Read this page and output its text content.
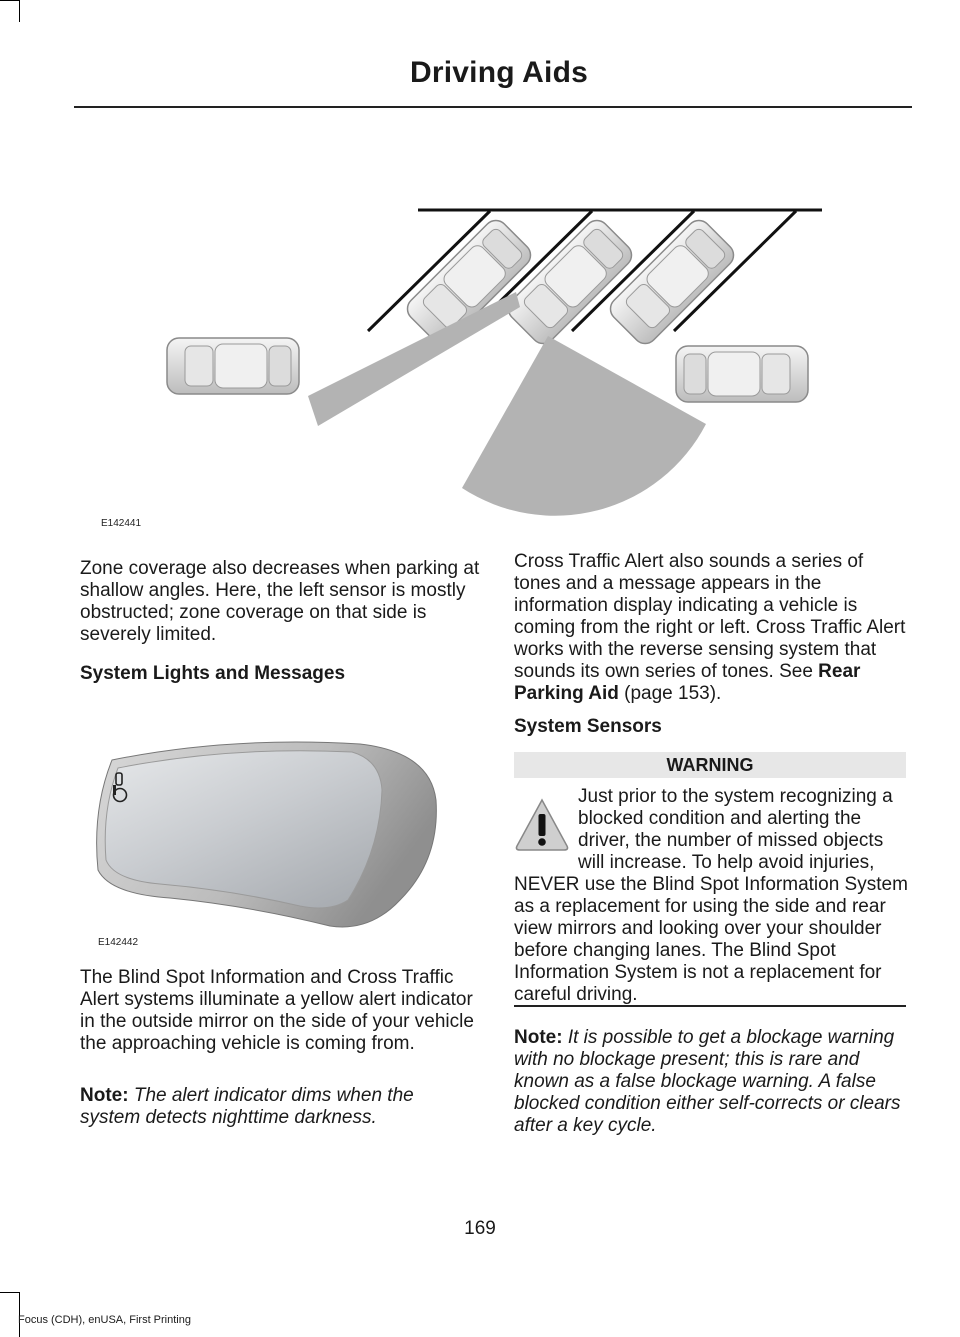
Driving Aids
E142441

Zone coverage also decreases when parking at shallow angles. Here, the left sensor is mostly obstructed; zone coverage on that side is severely limited.

System Lights and Messages

E142442

The Blind Spot Information and Cross Traffic Alert systems illuminate a yellow alert indicator in the outside mirror on the side of your vehicle the approaching vehicle is coming from.

Note: The alert indicator dims when the system detects nighttime darkness.

Cross Traffic Alert also sounds a series of tones and a message appears in the information display indicating a vehicle is coming from the right or left. Cross Traffic Alert works with the reverse sensing system that sounds its own series of tones. See Rear Parking Aid (page 153).

System Sensors

WARNING

Just prior to the system recognizing a blocked condition and alerting the driver, the number of missed objects will increase. To help avoid injuries, NEVER use the Blind Spot Information System as a replacement for using the side and rear view mirrors and looking over your shoulder before changing lanes. The Blind Spot Information System is not a replacement for careful driving.

Note: It is possible to get a blockage warning with no blockage present; this is rare and known as a false blockage warning. A false blocked condition either self-corrects or clears after a key cycle.

169
Focus (CDH), enUSA, First Printing
